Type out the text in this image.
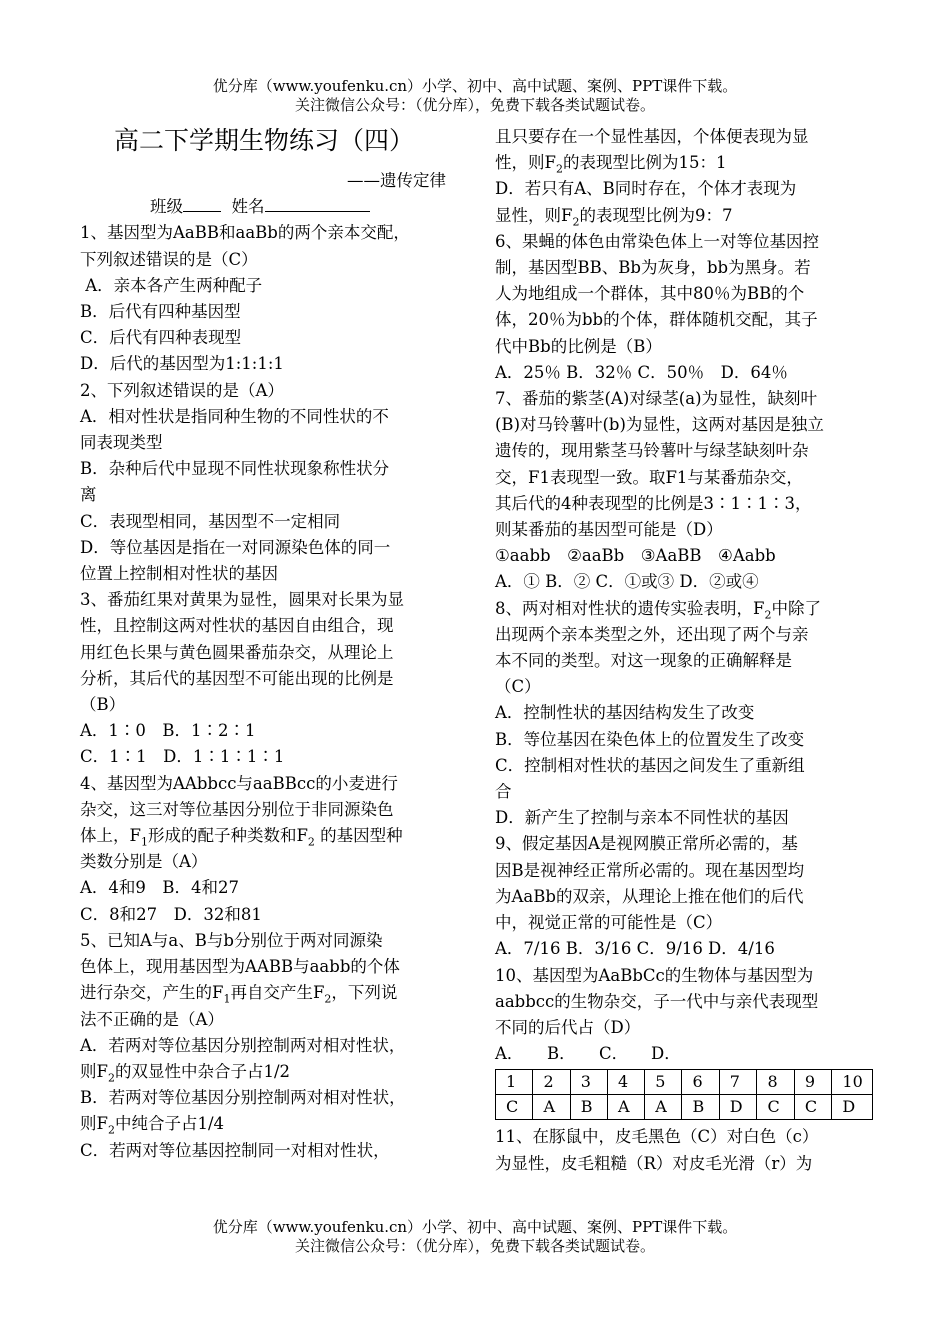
优分库（www.youfenku.cn）小学、初中、高中试题、案例、PPT课件下载。
关注微信公众号：（优分库），免费下载各类试题试卷。

高二下学期生物练习（四）

——遗传定律

班级	姓名

1、基因型为AaBB和aaBb的两个亲本交配，

下列叙述错误的是（C）

A．亲本各产生两种配子

B．后代有四种基因型

C．后代有四种表现型

D．后代的基因型为1:1:1:1

2、下列叙述错误的是（A）

A．相对性状是指同种生物的不同性状的不

同表现类型

B．杂种后代中显现不同性状现象称性状分

离

C．表现型相同，基因型不一定相同

D．等位基因是指在一对同源染色体的同一

位置上控制相对性状的基因

3、番茄红果对黄果为显性，圆果对长果为显

性，且控制这两对性状的基因自由组合，现

用红色长果与黄色圆果番茄杂交，从理论上

分析，其后代的基因型不可能出现的比例是

（B）

A．1∶0　B．1∶2∶1

C．1∶1　D．1∶1∶1∶1

4、基因型为AAbbcc与aaBBcc的小麦进行

杂交，这三对等位基因分别位于非同源染色

体上，$F_1$形成的配子种类数和$F_2$ 的基因型种

类数分别是（A）

A．4和9　B．4和27

C．8和27　D．32和81

5、已知A与a、B与b分别位于两对同源染

色体上，现用基因型为AABB与aabb的个体

进行杂交，产生的$F_1$再自交产生$F_2$，下列说

法不正确的是（A）

A．若两对等位基因分别控制两对相对性状，

则$F_2$的双显性中杂合子占1/2

B．若两对等位基因分别控制两对相对性状，

则$F_2$中纯合子占1/4

C．若两对等位基因控制同一对相对性状，

且只要存在一个显性基因，个体便表现为显

性，则$F_2$的表现型比例为15：1

D．若只有A、B同时存在，个体才表现为

显性，则$F_2$的表现型比例为9：7

6、果蝇的体色由常染色体上一对等位基因控

制，基因型BB、Bb为灰身，bb为黑身。若

人为地组成一个群体，其中80％为BB的个

体，20％为bb的个体，群体随机交配，其子

代中Bb的比例是（B）

A．25％ B．32％ C．50％　D．64％

7、番茄的紫茎(A)对绿茎(a)为显性，缺刻叶

(B)对马铃薯叶(b)为显性，这两对基因是独立

遗传的，现用紫茎马铃薯叶与绿茎缺刻叶杂

交，F1表现型一致。取F1与某番茄杂交，

其后代的4种表现型的比例是3∶1∶1∶3，

则某番茄的基因型可能是（D）

①aabb　②aaBb　③AaBB　④Aabb

A．① B．② C．①或③ D．②或④

8、两对相对性状的遗传实验表明，$F_2$中除了

出现两个亲本类型之外，还出现了两个与亲

本不同的类型。对这一现象的正确解释是

（C）

A．控制性状的基因结构发生了改变

B．等位基因在染色体上的位置发生了改变

C．控制相对性状的基因之间发生了重新组

合

D．新产生了控制与亲本不同性状的基因

9、假定基因A是视网膜正常所必需的，基

因B是视神经正常所必需的。现在基因型均

为AaBb的双亲，从理论上推在他们的后代

中，视觉正常的可能性是（C）

A．7/16 B．3/16 C．9/16 D．4/16

10、基因型为AaBbCc的生物体与基因型为

aabbcc的生物杂交，子一代中与亲代表现型

不同的后代占（D）

A． B． C． D．

1	2	3	4	5	6	7	8	9	10
C	A	B	A	A	B	D	C	C	D

11、在豚鼠中，皮毛黑色（C）对白色（c）

为显性，皮毛粗糙（R）对皮毛光滑（r）为

优分库（www.youfenku.cn）小学、初中、高中试题、案例、PPT课件下载。
关注微信公众号：（优分库），免费下载各类试题试卷。
